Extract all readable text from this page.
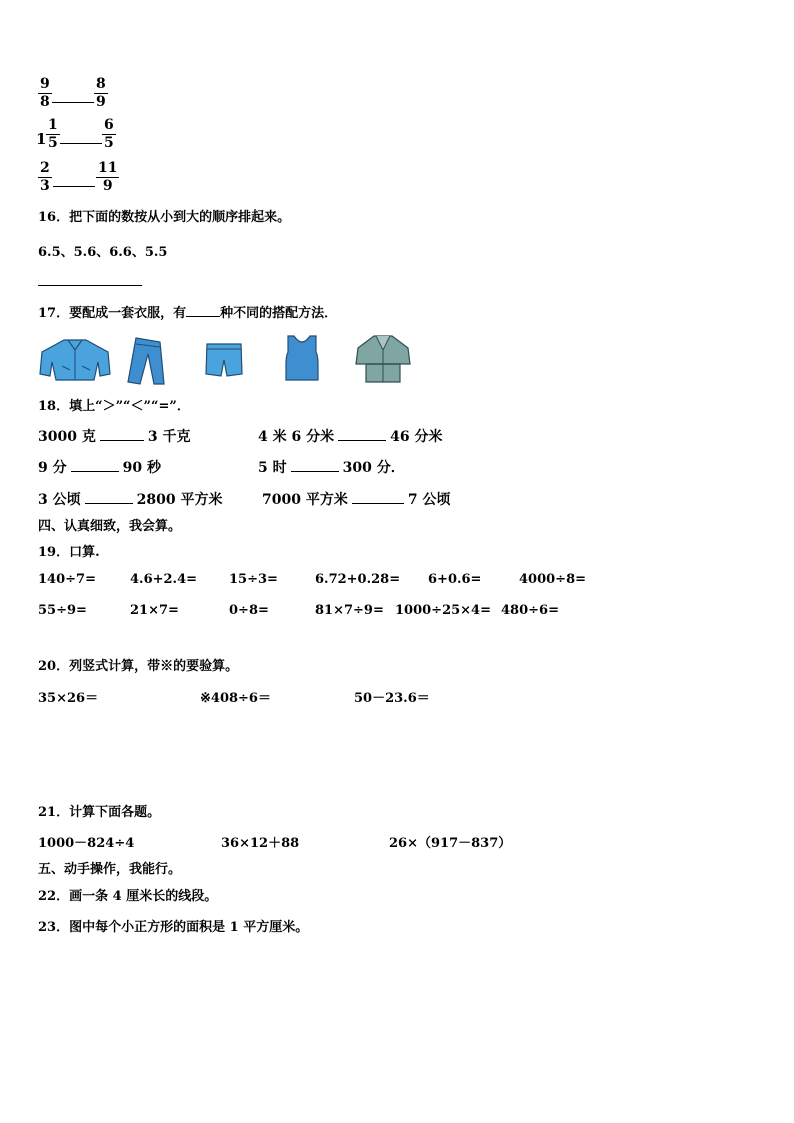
9
8
8
9
1
1
5
6
5
2
3
11
9
16．把下面的数按从小到大的顺序排起来。
6.5、5.6、6.6、5.5
17．要配成一套衣服，有	种不同的搭配方法．
18．填上“＞”“＜”“=”．
3000 克	3 千克	4 米 6 分米	46 分米
9 分	90 秒	5 时	300 分．
3 公顷	2800 平方米	7000 平方米	7 公顷
四、认真细致，我会算。
19．口算.
140÷7=	4.6+2.4= 15÷3=	6.72+0.28= 6+0.6=	4000÷8=
55÷9=	21×7=	0÷8=	81×7÷9= 1000÷25×4= 480÷6=
20．列竖式计算，带※的要验算。
35×26＝	※408÷6＝	50－23.6＝
21．计算下面各题。
1000－824÷4	36×12＋88	26×（917－837）
五、动手操作，我能行。
22．画一条 4 厘米长的线段。
23．图中每个小正方形的面积是 1 平方厘米。
